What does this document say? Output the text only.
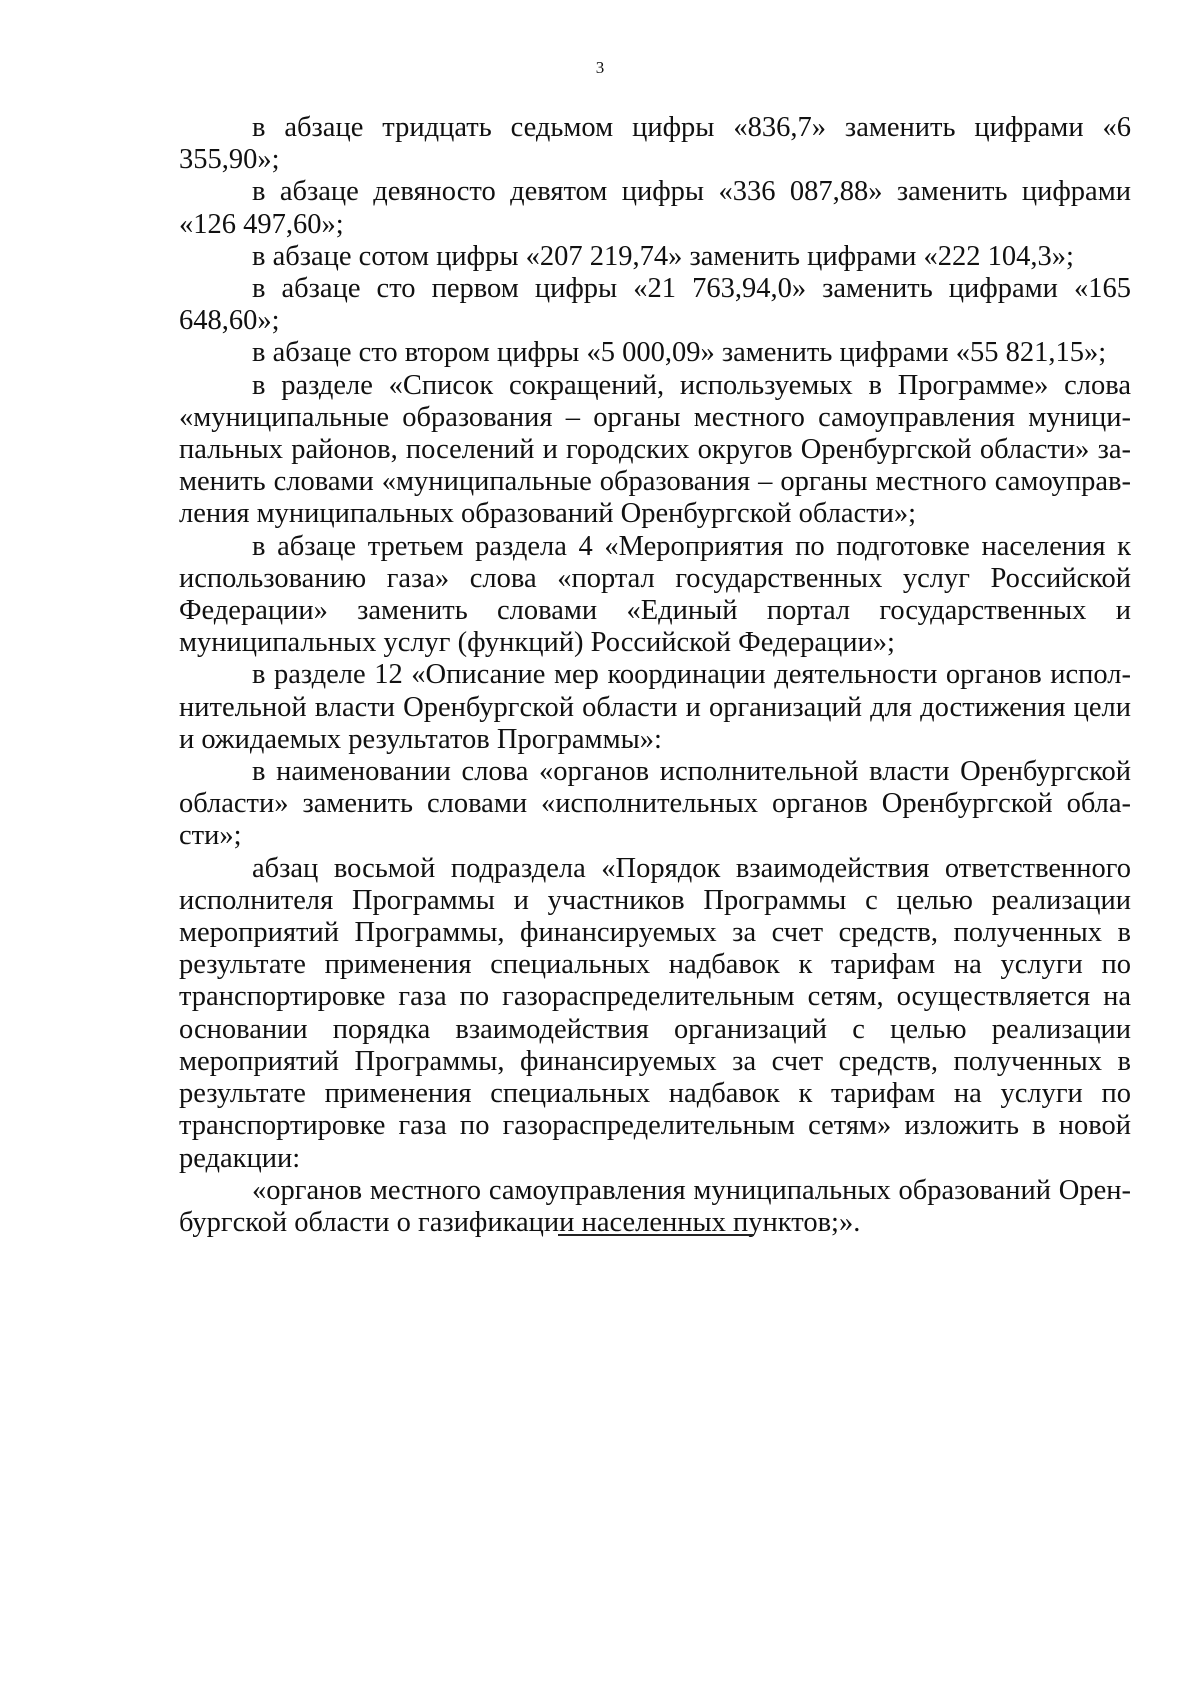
3

в абзаце тридцать седьмом цифры «836,7» заменить цифрами «6 355,90»;

в абзаце девяносто девятом цифры «336 087,88» заменить цифрами «126 497,60»;

в абзаце сотом цифры «207 219,74» заменить цифрами «222 104,3»;

в абзаце сто первом цифры «21 763,94,0» заменить цифрами «165 648,60»;

в абзаце сто втором цифры «5 000,09» заменить цифрами «55 821,15»;

в разделе «Список сокращений, используемых в Программе» слова «муниципальные образования – органы местного самоуправления муниципальных районов, поселений и городских округов Оренбургской области» заменить словами «муниципальные образования – органы местного самоуправления муниципальных образований Оренбургской области»;

в абзаце третьем раздела 4 «Мероприятия по подготовке населения к использованию газа» слова «портал государственных услуг Российской Федерации» заменить словами «Единый портал государственных и муниципальных услуг (функций) Российской Федерации»;

в разделе 12 «Описание мер координации деятельности органов исполнительной власти Оренбургской области и организаций для достижения цели и ожидаемых результатов Программы»:

в наименовании слова «органов исполнительной власти Оренбургской области» заменить словами «исполнительных органов Оренбургской области»;

абзац восьмой подраздела «Порядок взаимодействия ответственного исполнителя Программы и участников Программы с целью реализации мероприятий Программы, финансируемых за счет средств, полученных в результате применения специальных надбавок к тарифам на услуги по транспортировке газа по газораспределительным сетям, осуществляется на основании порядка взаимодействия организаций с целью реализации мероприятий Программы, финансируемых за счет средств, полученных в результате применения специальных надбавок к тарифам на услуги по транспортировке газа по газораспределительным сетям» изложить в новой редакции:

«органов местного самоуправления муниципальных образований Оренбургской области о газификации населенных пунктов;».
